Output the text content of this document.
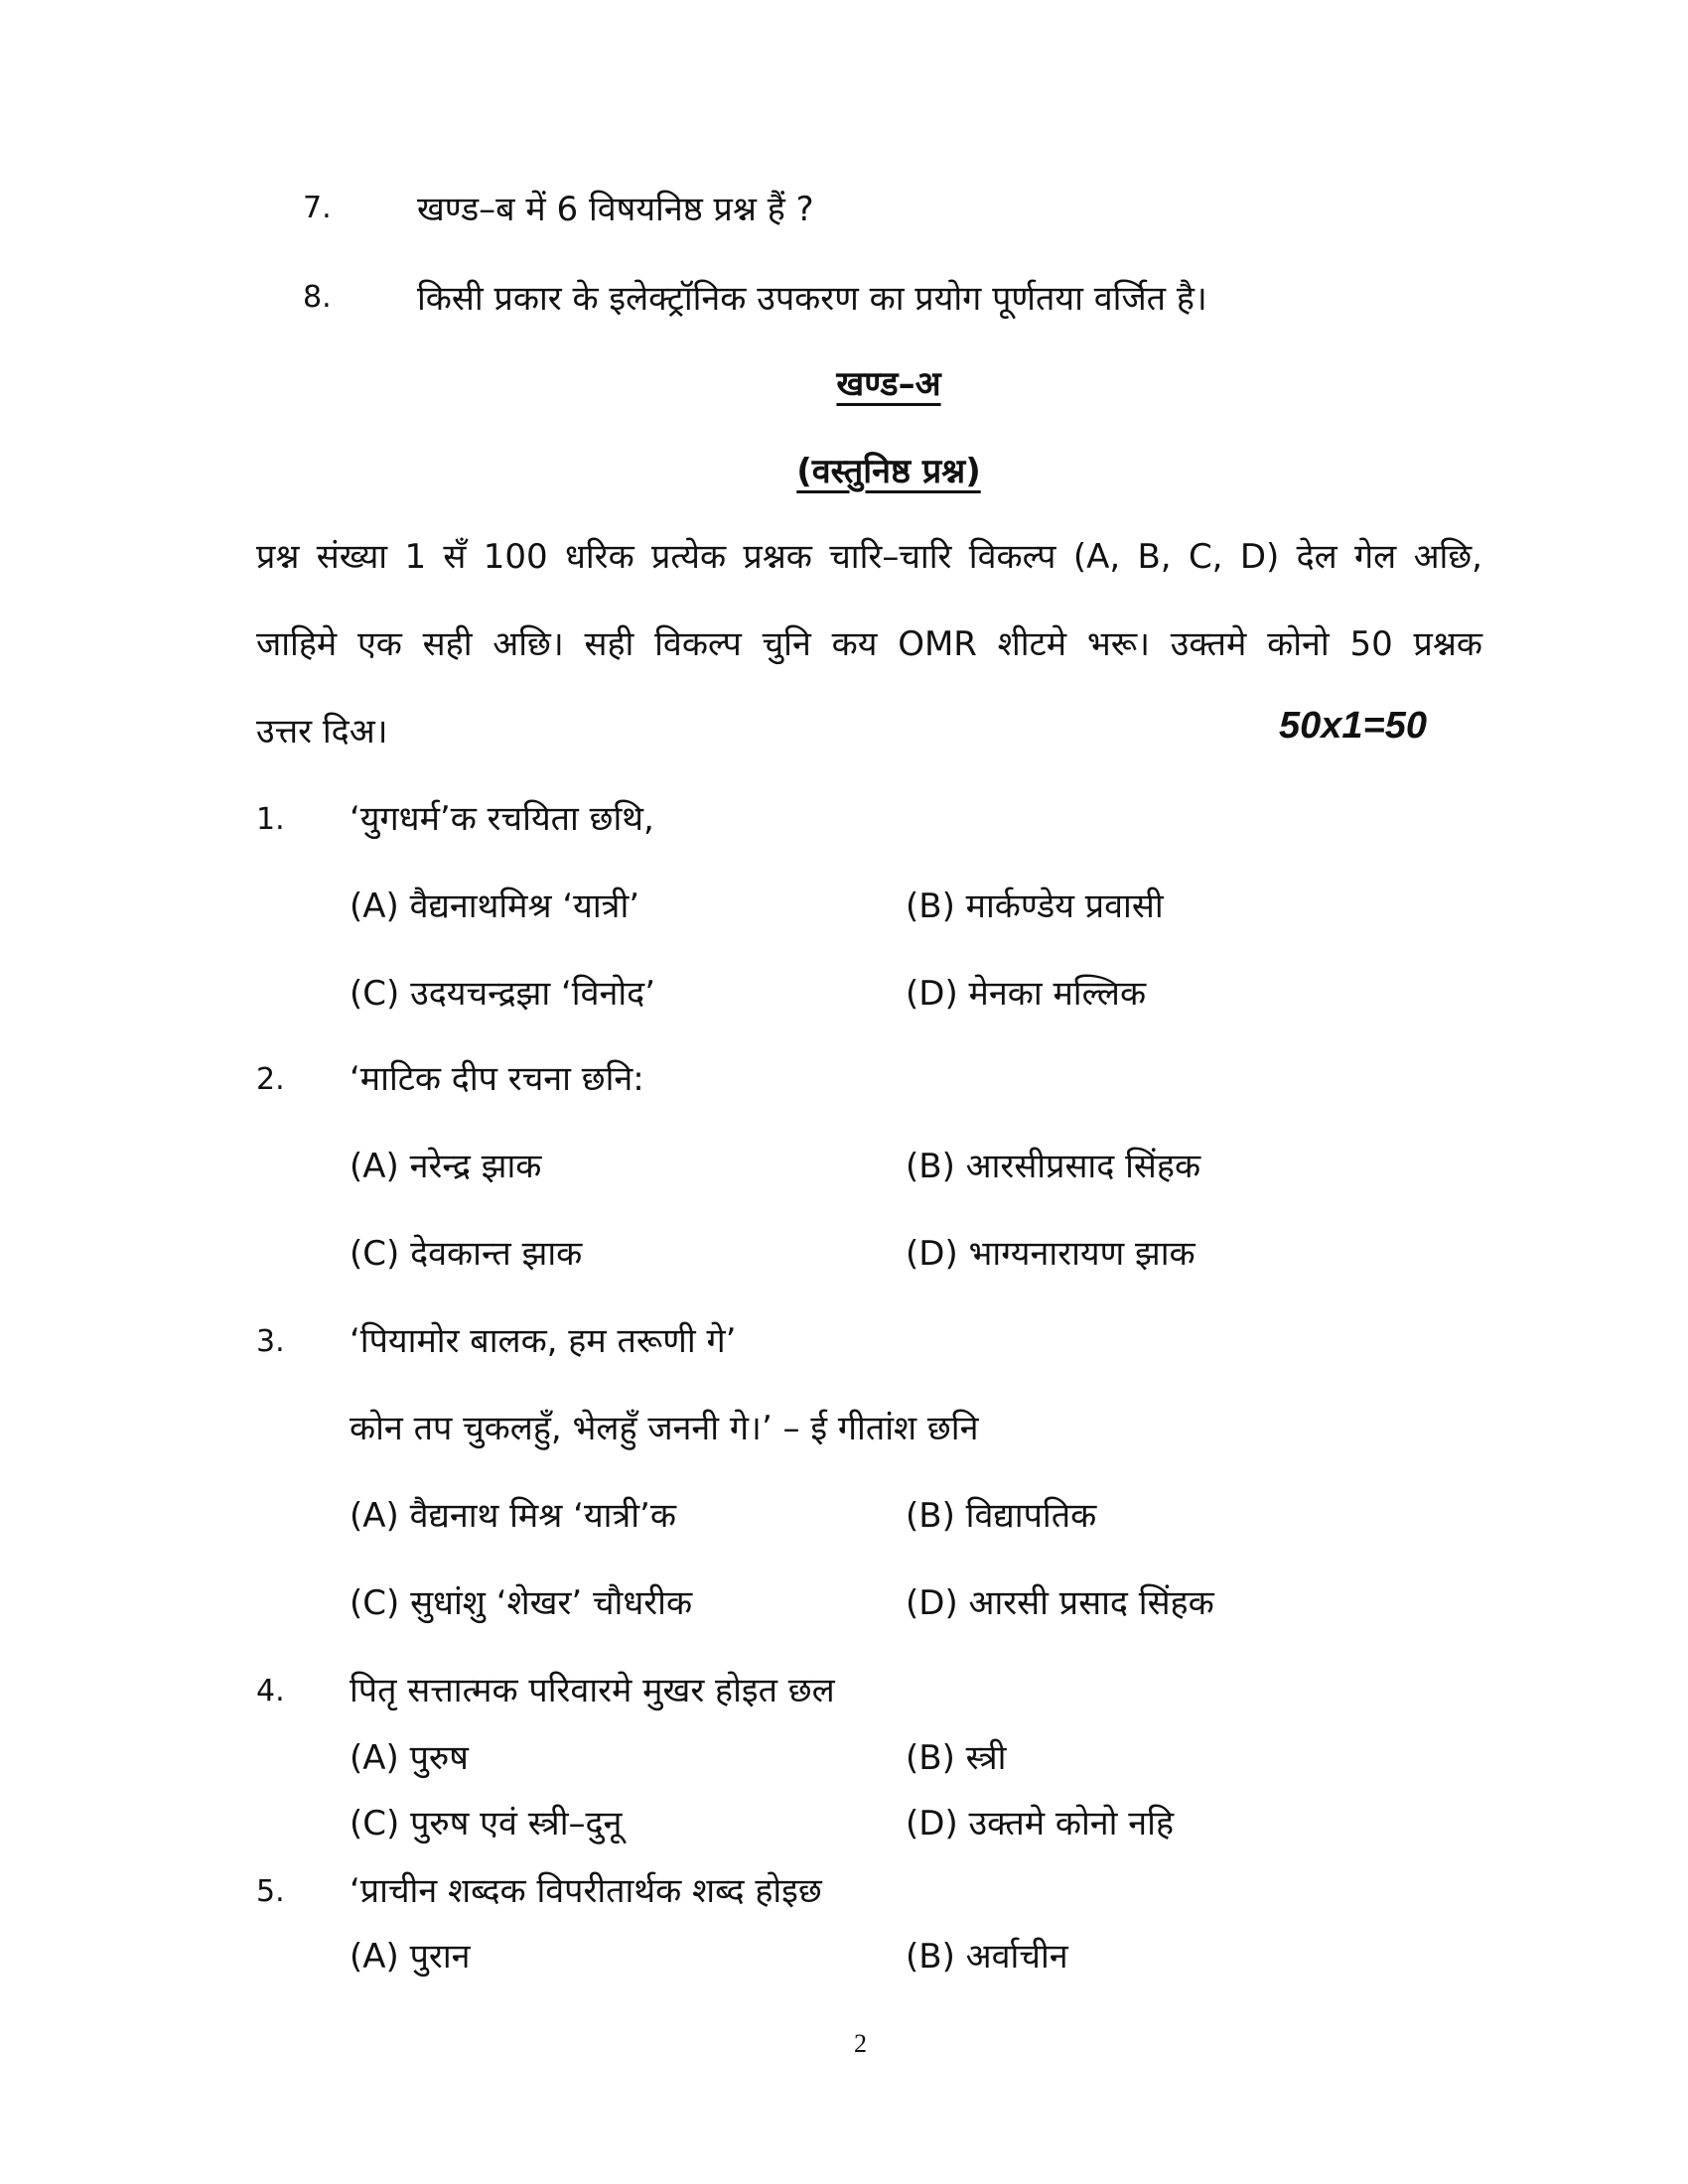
7.	खण्ड–ब में 6 विषयनिष्ठ प्रश्न हैं ?
8.	किसी प्रकार के इलेक्ट्रॉनिक उपकरण का प्रयोग पूर्णतया वर्जित है।
खण्ड–अ
(वस्तुनिष्ठ प्रश्न)
प्रश्न संख्या 1 सँ 100 धरिक प्रत्येक प्रश्नक चारि–चारि विकल्प (A, B, C, D) देल गेल अछि,
जाहिमे एक सही अछि। सही विकल्प चुनि कय OMR शीटमे भरू। उक्तमे कोनो 50 प्रश्नक
उत्तर दिअ।	50x1=50
1. ‘युगधर्म’क रचयिता छथि,
(A) वैद्यनाथमिश्र ‘यात्री’	(B) मार्कण्डेय प्रवासी
(C) उदयचन्द्रझा ‘विनोद’	(D) मेनका मल्लिक
2. ‘माटिक दीप रचना छनि:
(A) नरेन्द्र झाक	(B) आरसीप्रसाद सिंहक
(C) देवकान्त झाक	(D) भाग्यनारायण झाक
3. ‘पियामोर बालक, हम तरूणी गे’
कोन तप चुकलहुँ, भेलहुँ जननी गे।’ – ई गीतांश छनि
(A) वैद्यनाथ मिश्र ‘यात्री’क	(B) विद्यापतिक
(C) सुधांशु ‘शेखर’ चौधरीक	(D) आरसी प्रसाद सिंहक
4. पितृ सत्तात्मक परिवारमे मुखर होइत छल
(A) पुरुष	(B) स्त्री
(C) पुरुष एवं स्त्री–दुनू	(D) उक्तमे कोनो नहि
5. ‘प्राचीन शब्दक विपरीतार्थक शब्द होइछ
(A) पुरान	(B) अर्वाचीन
2
